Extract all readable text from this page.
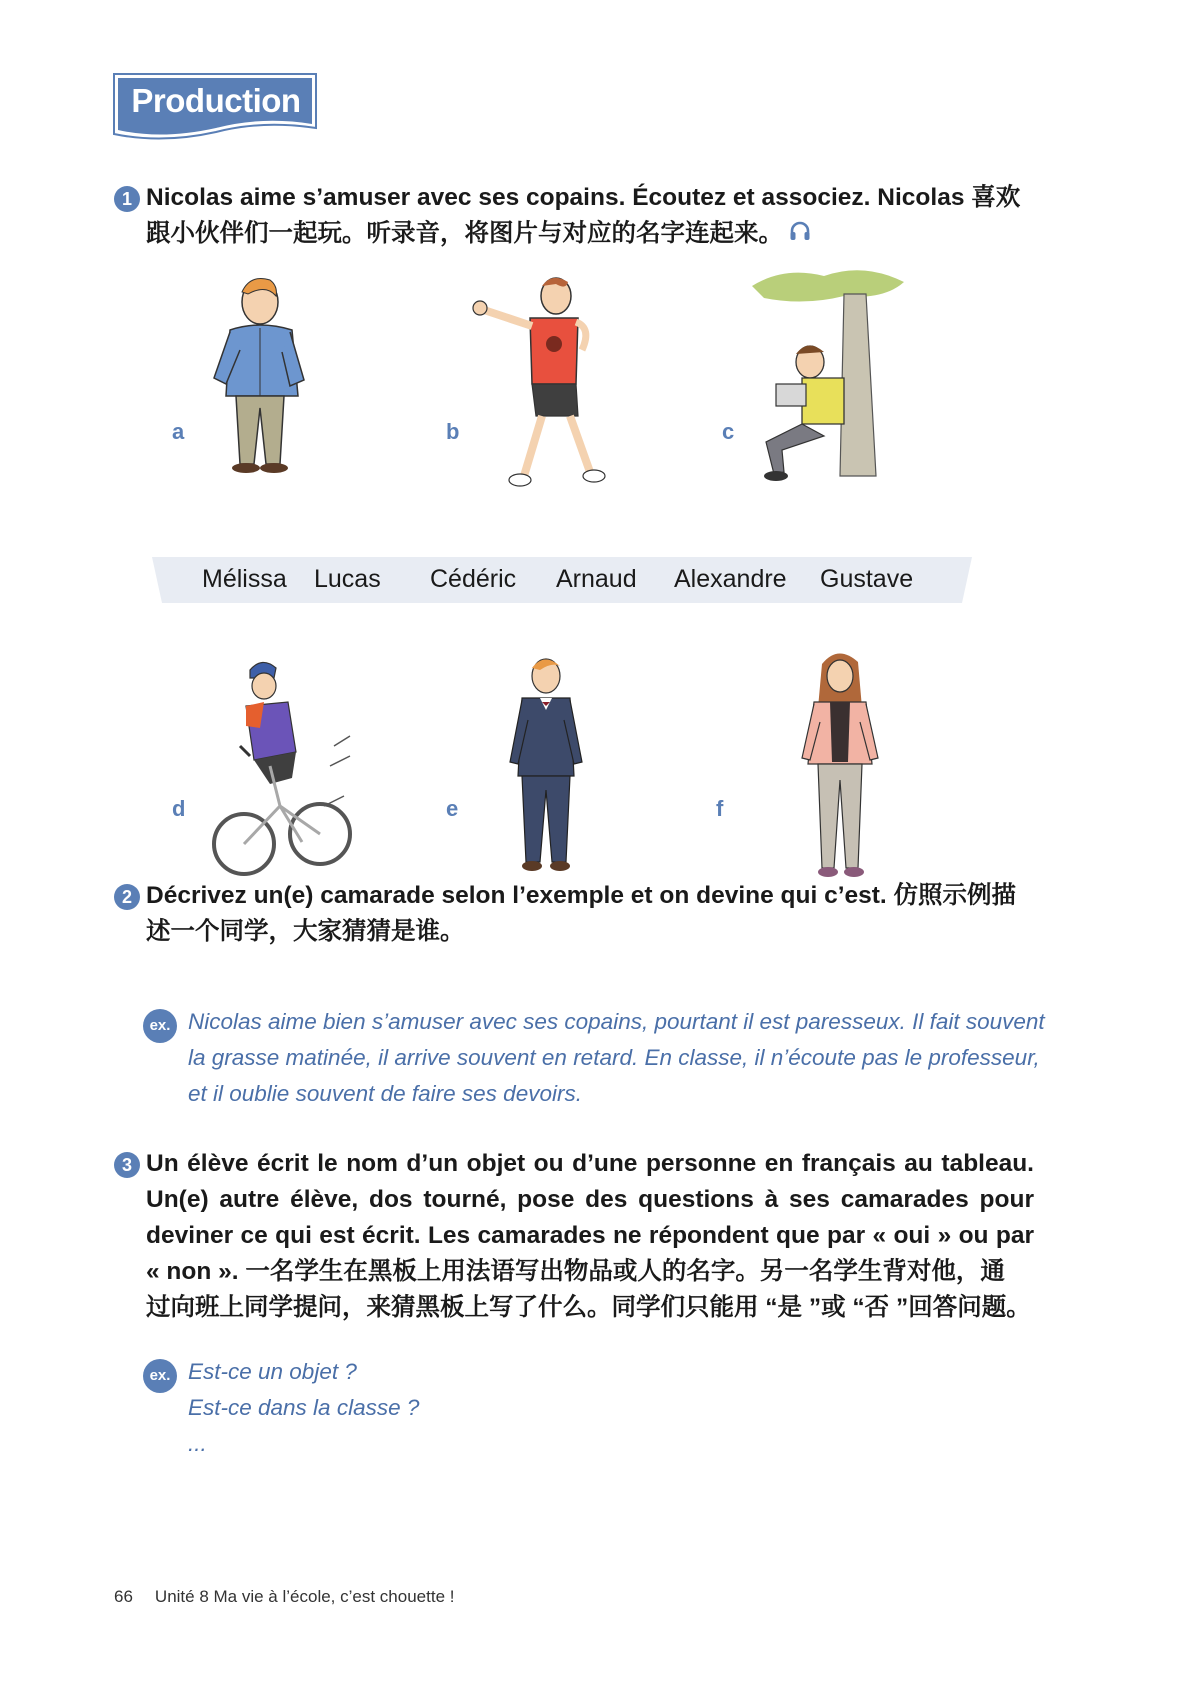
Production
1 Nicolas aime s’amuser avec ses copains. Écoutez et associez. Nicolas 喜欢
跟小伙伴们一起玩。听录音，将图片与对应的名字连起来。
a	b	c
Mélissa Lucas Cédéric Arnaud Alexandre Gustave
d	e	f
2 Décrivez un(e) camarade selon l’exemple et on devine qui c’est. 仿照示例描
述一个同学，大家猜猜是谁。
ex. Nicolas aime bien s’amuser avec ses copains, pourtant il est paresseux. Il fait souvent
la grasse matinée, il arrive souvent en retard. En classe, il n’écoute pas le professeur,
et il oublie souvent de faire ses devoirs.
3 Un élève écrit le nom d’un objet ou d’une personne en français au tableau.
Un(e) autre élève, dos tourné, pose des questions à ses camarades pour
deviner ce qui est écrit. Les camarades ne répondent que par « oui » ou par
« non ». 一名学生在黑板上用法语写出物品或人的名字。另一名学生背对他，通
过向班上同学提问，来猜黑板上写了什么。同学们只能用 “是 ”或 “否 ”回答问题。
ex. Est-ce un objet ?
Est-ce dans la classe ?
...
66 Unité 8 Ma vie à l’école, c’est chouette !
